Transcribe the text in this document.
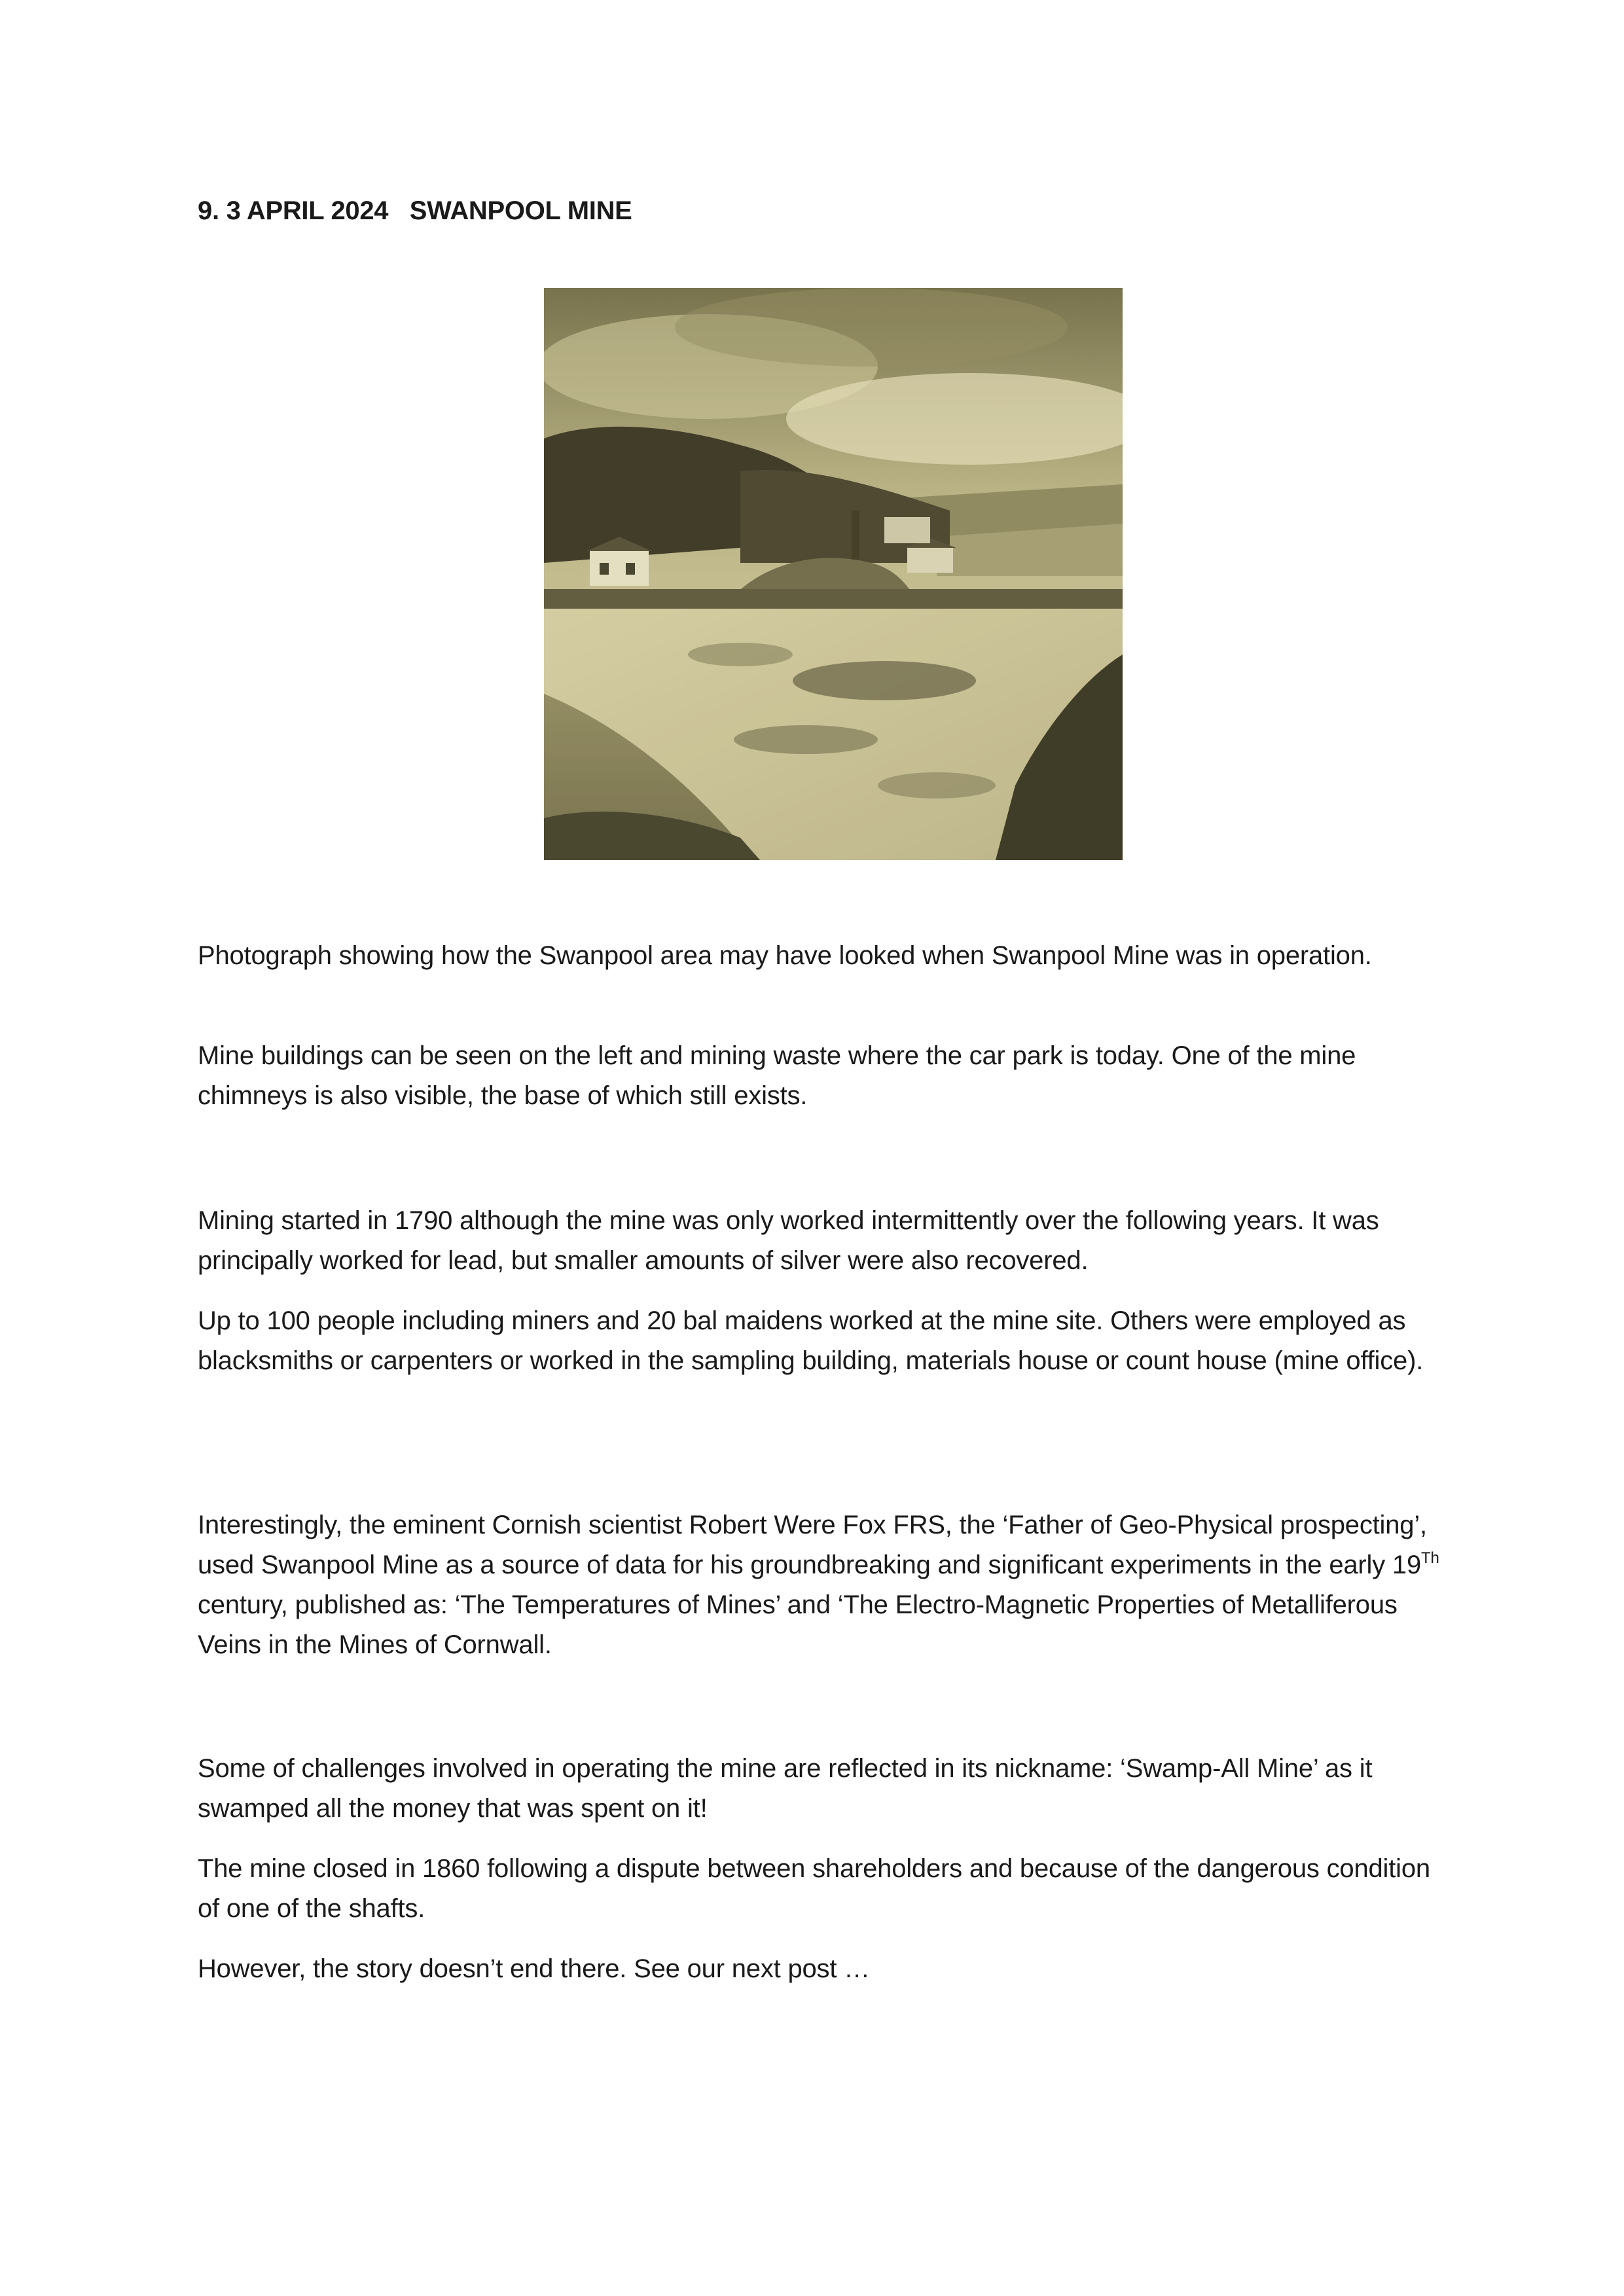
9. 3 APRIL 2024 SWANPOOL MINE

Photograph showing how the Swanpool area may have looked when Swanpool Mine was in operation.

Mine buildings can be seen on the left and mining waste where the car park is today. One of the mine chimneys is also visible, the base of which still exists.

Mining started in 1790 although the mine was only worked intermittently over the following years. It was principally worked for lead, but smaller amounts of silver were also recovered.

Up to 100 people including miners and 20 bal maidens worked at the mine site. Others were employed as blacksmiths or carpenters or worked in the sampling building, materials house or count house (mine office).

Interestingly, the eminent Cornish scientist Robert Were Fox FRS, the ‘Father of Geo-Physical prospecting’, used Swanpool Mine as a source of data for his groundbreaking and significant experiments in the early 19Th century, published as: ‘The Temperatures of Mines’ and ‘The Electro-Magnetic Properties of Metalliferous Veins in the Mines of Cornwall.

Some of challenges involved in operating the mine are reflected in its nickname: ‘Swamp-All Mine’ as it swamped all the money that was spent on it!

The mine closed in 1860 following a dispute between shareholders and because of the dangerous condition of one of the shafts.

However, the story doesn’t end there. See our next post …
